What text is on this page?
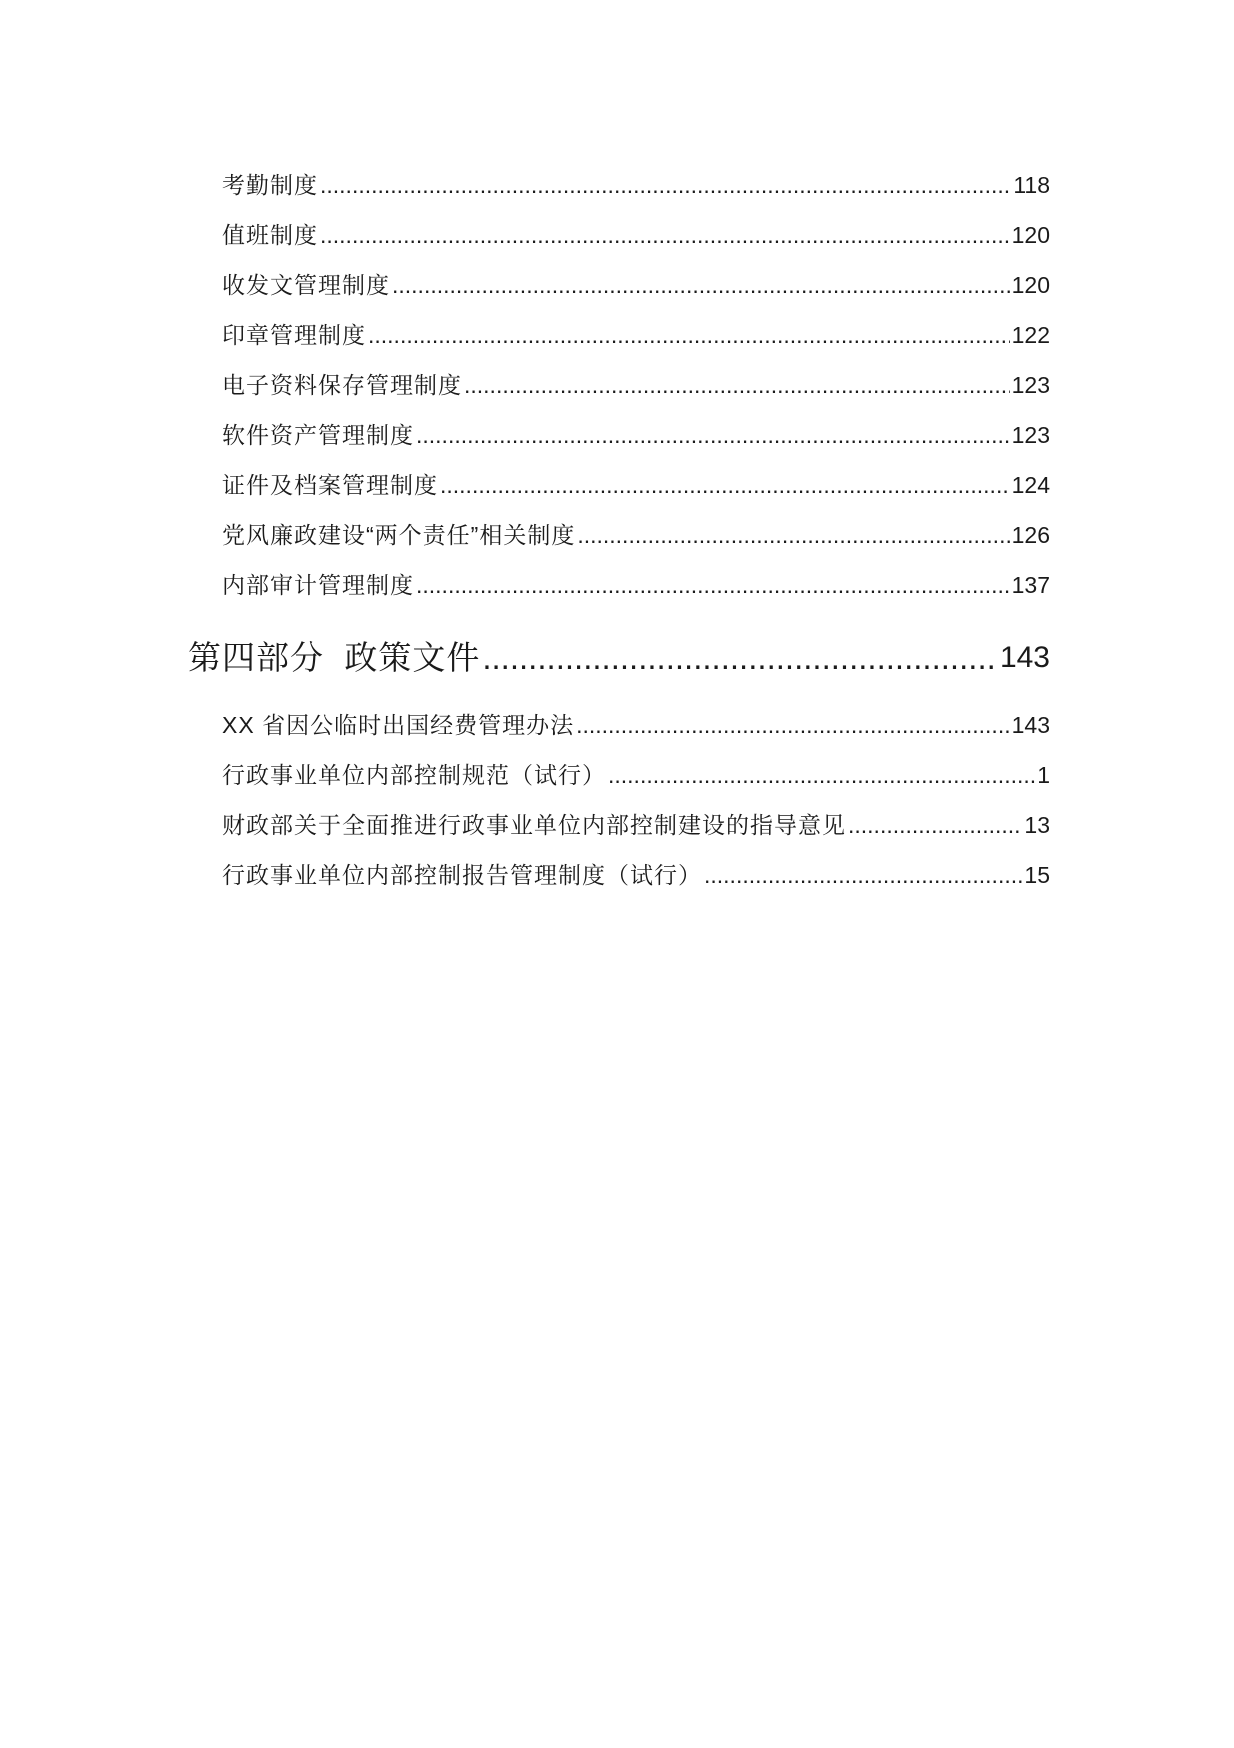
考勤制度 .....	118
值班制度 .....	120
收发文管理制度 .....	120
印章管理制度 .....	122
电子资料保存管理制度 .....	123
软件资产管理制度 .....	123
证件及档案管理制度 .....	124
党风廉政建设“两个责任”相关制度 .....	126
内部审计管理制度 .....	137
第四部分  政策文件 .....	143
XX 省因公临时出国经费管理办法 .....	143
行政事业单位内部控制规范（试行） .....	1
财政部关于全面推进行政事业单位内部控制建设的指导意见 .....	13
行政事业单位内部控制报告管理制度（试行） .....	15
